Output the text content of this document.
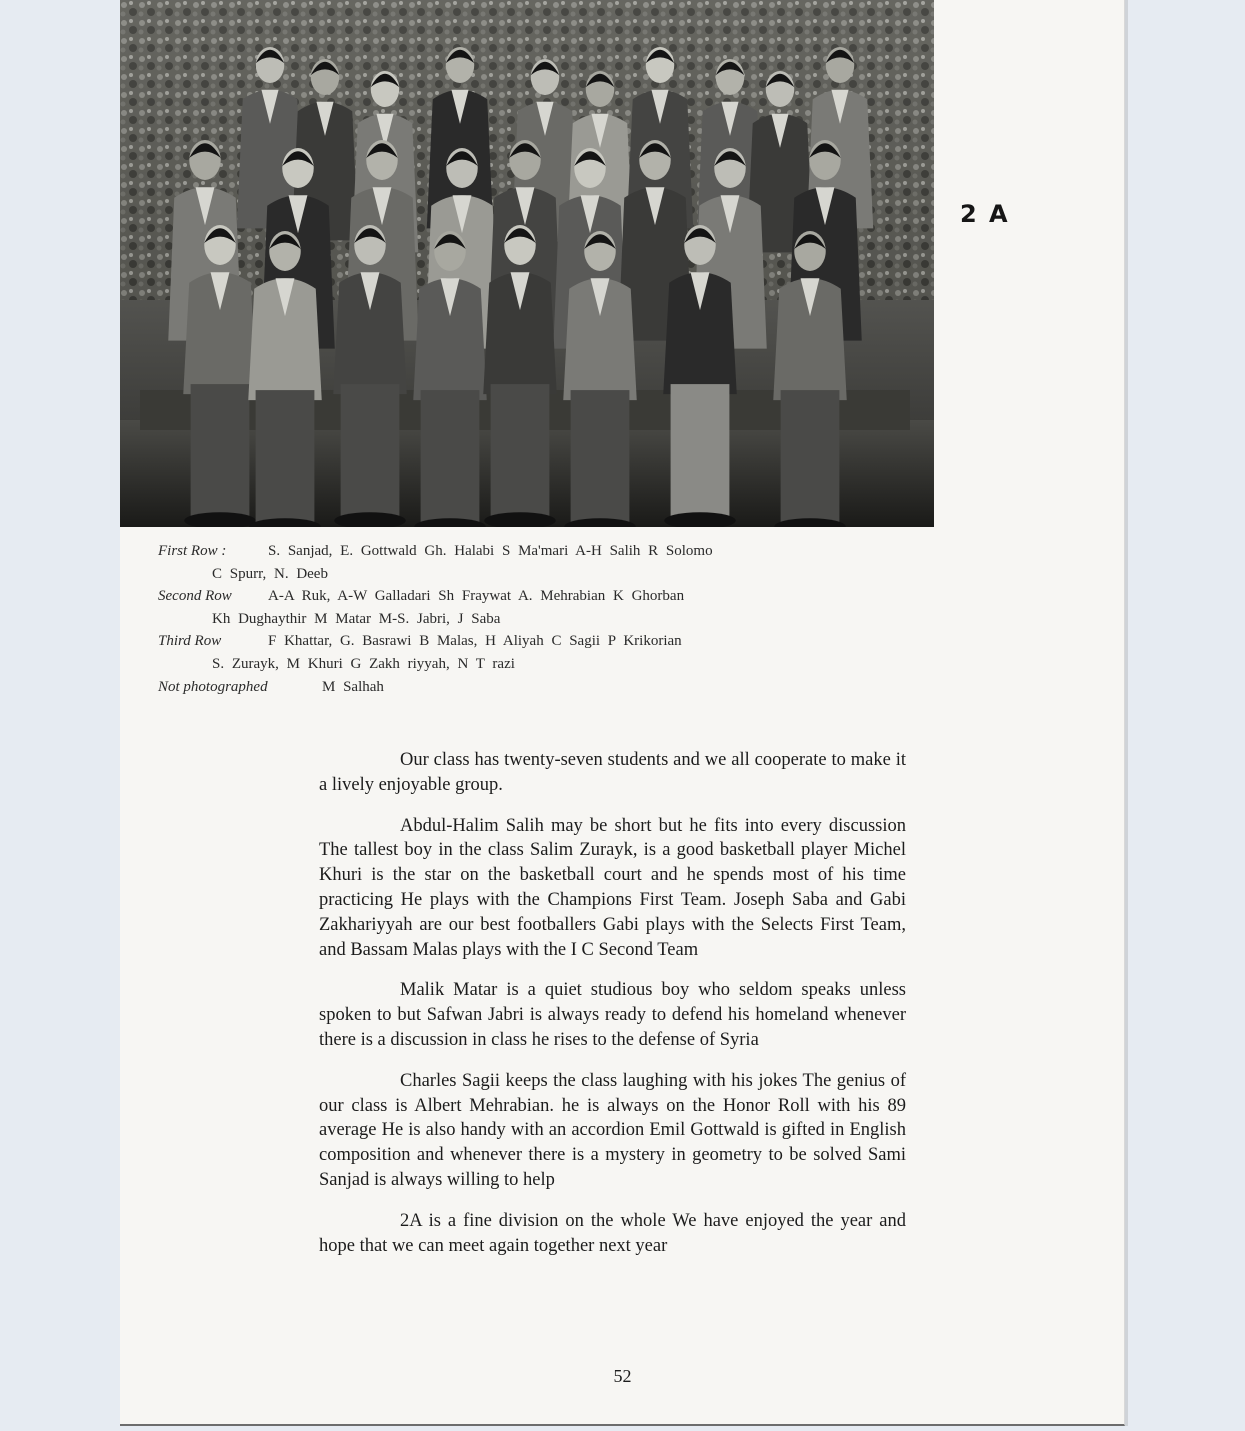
2 A
First Row :	S. Sanjad, E. Gottwald Gh. Halabi S Ma'mari A-H Salih R Solomo
C Spurr, N. Deeb
Second Row A-A Ruk, A-W Galladari Sh Fraywat A. Mehrabian K Ghorban
Kh Dughaythir M Matar M-S. Jabri, J Saba
Third Row	F Khattar, G. Basrawi B Malas, H Aliyah C Sagii P Krikorian
S. Zurayk, M Khuri G Zakh riyyah, N T razi
Not photographed	M Salhah

Our class has twenty-seven students and we all cooperate to make it a lively enjoyable group.

Abdul-Halim Salih may be short but he fits into every discussion The tallest boy in the class Salim Zurayk, is a good basketball player Michel Khuri is the star on the basketball court and he spends most of his time practicing He plays with the Champions First Team. Joseph Saba and Gabi Zakhariyyah are our best footballers Gabi plays with the Selects First Team, and Bassam Malas plays with the I C Second Team

Malik Matar is a quiet studious boy who seldom speaks unless spoken to but Safwan Jabri is always ready to defend his homeland whenever there is a discussion in class he rises to the defense of Syria

Charles Sagii keeps the class laughing with his jokes The genius of our class is Albert Mehrabian. he is always on the Honor Roll with his 89 average He is also handy with an accordion Emil Gottwald is gifted in English composition and whenever there is a mystery in geometry to be solved Sami Sanjad is always willing to help

2A is a fine division on the whole We have enjoyed the year and hope that we can meet again together next year

52
